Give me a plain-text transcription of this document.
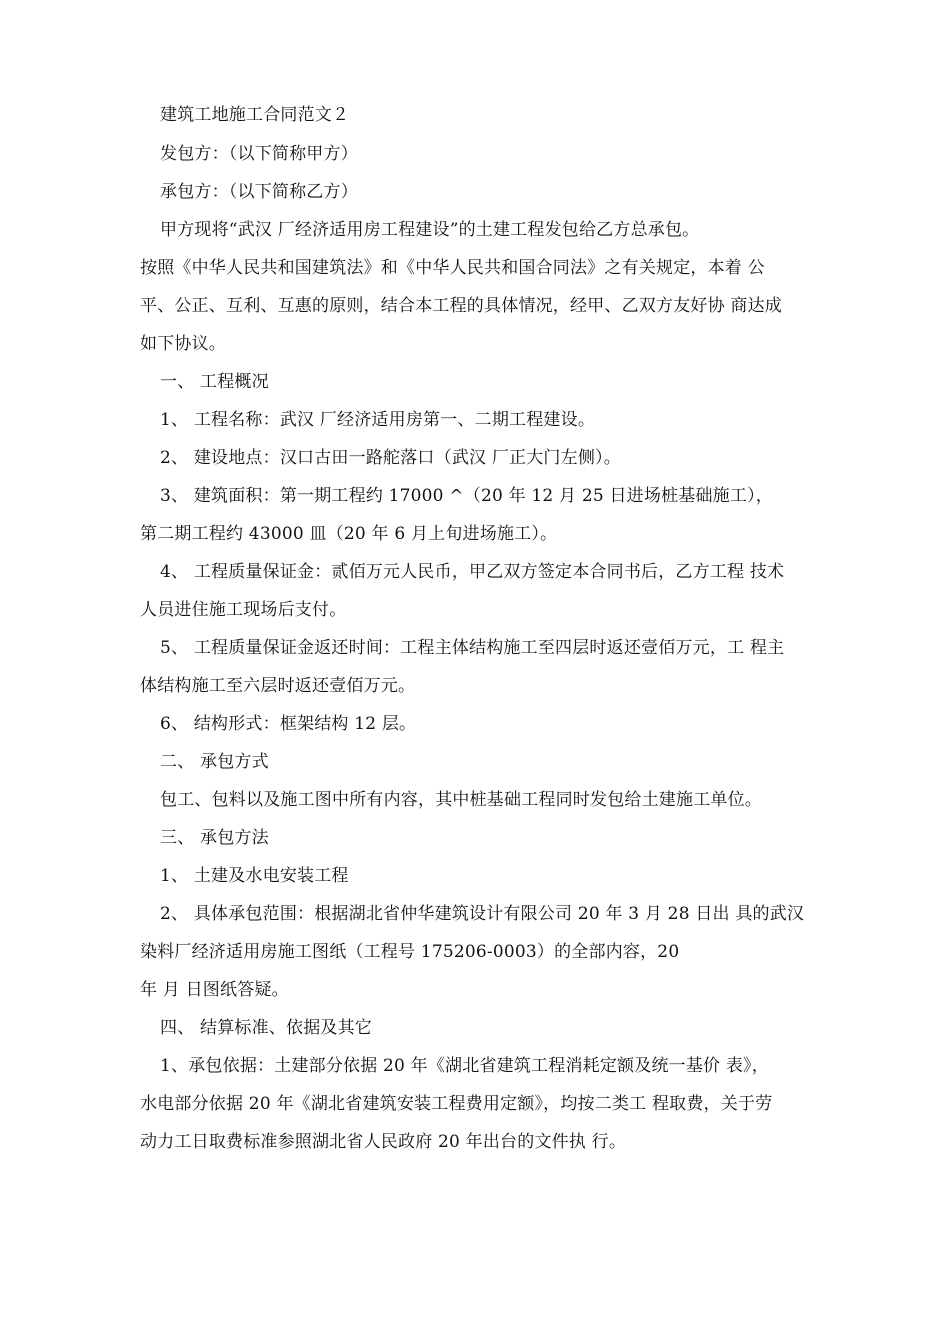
建筑工地施工合同范文２
发包方：（以下简称甲方）
承包方：（以下简称乙方）
甲方现将“武汉 厂经济适用房工程建设”的土建工程发包给乙方总承包。
按照《中华人民共和国建筑法》和《中华人民共和国合同法》之有关规定，本着 公
平、公正、互利、互惠的原则，结合本工程的具体情况，经甲、乙双方友好协 商达成
如下协议。
一、 工程概况
1、 工程名称：武汉 厂经济适用房第一、二期工程建设。
2、 建设地点：汉口古田一路舵落口（武汉 厂正大门左侧）。
3、 建筑面积：第一期工程约 17000 ^（20 年 12 月 25 日进场桩基础施工），
第二期工程约 43000 皿（20 年 6 月上旬进场施工）。
4、 工程质量保证金：贰佰万元人民币，甲乙双方签定本合同书后，乙方工程 技术
人员进住施工现场后支付。
5、 工程质量保证金返还时间：工程主体结构施工至四层时返还壹佰万元，工 程主
体结构施工至六层时返还壹佰万元。
6、 结构形式：框架结构 12 层。
二、 承包方式
包工、包料以及施工图中所有内容，其中桩基础工程同时发包给土建施工单位。
三、 承包方法
1、 土建及水电安装工程
2、 具体承包范围：根据湖北省仲华建筑设计有限公司 20 年 3 月 28 日出 具的武汉
染料厂经济适用房施工图纸（工程号 175206-0003）的全部内容，20
年 月 日图纸答疑。
四、 结算标准、依据及其它
1、承包依据：土建部分依据 20 年《湖北省建筑工程消耗定额及统一基价 表》，
水电部分依据 20 年《湖北省建筑安装工程费用定额》，均按二类工 程取费，关于劳
动力工日取费标准参照湖北省人民政府 20 年出台的文件执 行。
